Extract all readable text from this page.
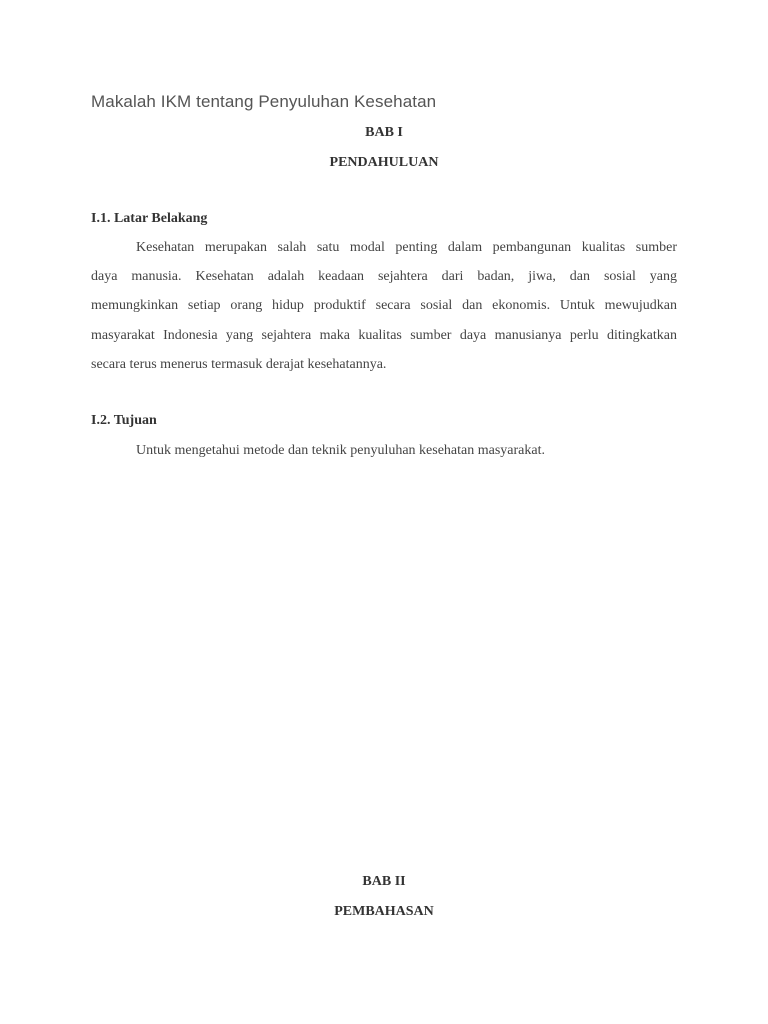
Makalah IKM tentang Penyuluhan Kesehatan
BAB I
PENDAHULUAN
I.1. Latar Belakang
Kesehatan merupakan salah satu modal penting dalam pembangunan kualitas sumber
daya manusia. Kesehatan adalah keadaan sejahtera dari badan, jiwa, dan sosial yang
memungkinkan setiap orang hidup produktif secara sosial dan ekonomis. Untuk mewujudkan
masyarakat Indonesia yang sejahtera maka kualitas sumber daya manusianya perlu ditingkatkan
secara terus menerus termasuk derajat kesehatannya.
I.2. Tujuan
Untuk mengetahui metode dan teknik penyuluhan kesehatan masyarakat.
BAB II
PEMBAHASAN
